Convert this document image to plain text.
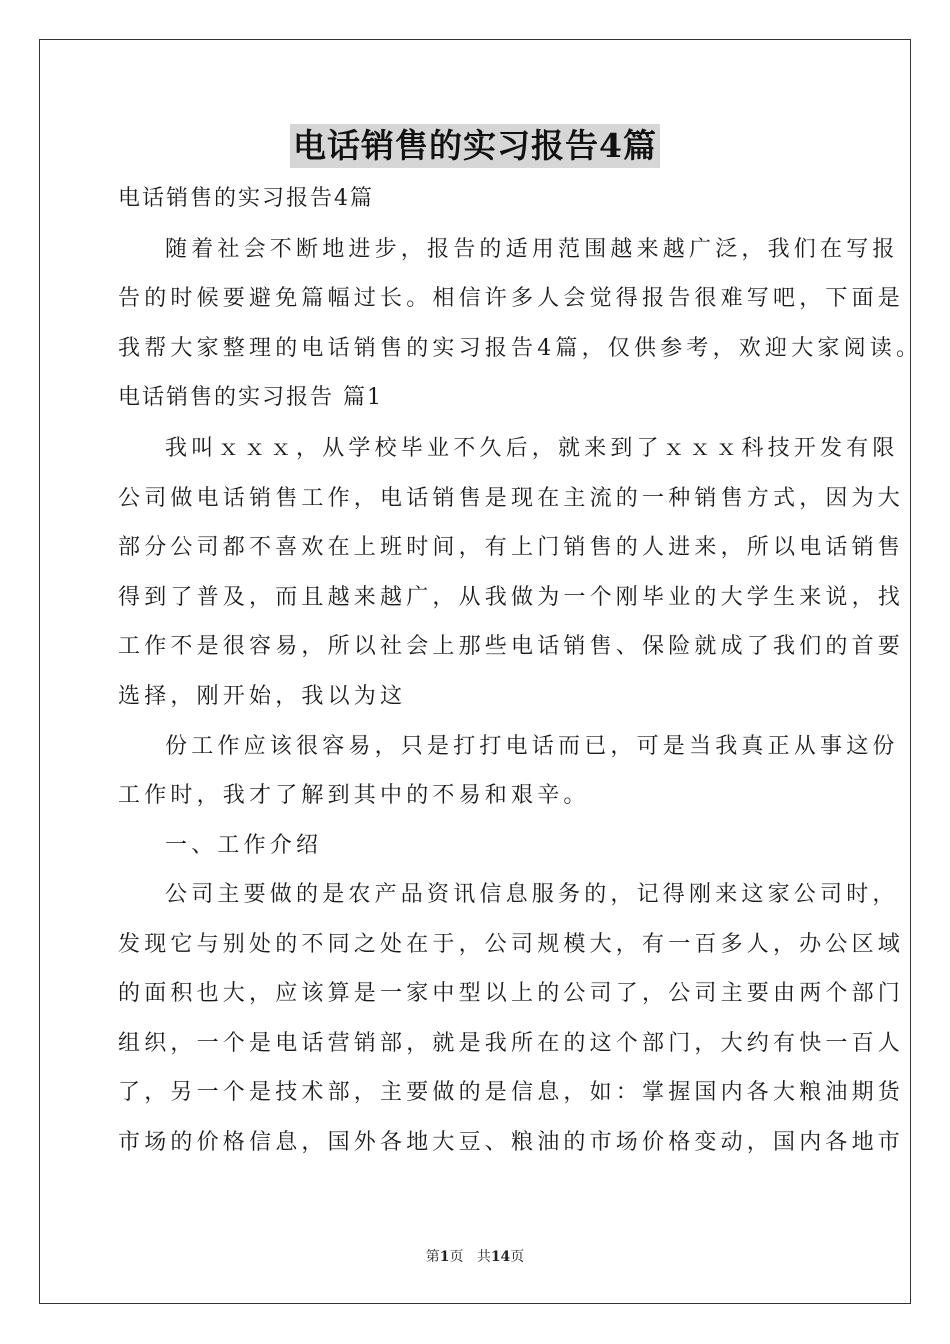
电话销售的实习报告4篇
电话销售的实习报告4篇
随着社会不断地进步，报告的适用范围越来越广泛，我们在写报
告的时候要避免篇幅过长。相信许多人会觉得报告很难写吧，下面是
我帮大家整理的电话销售的实习报告4篇，仅供参考，欢迎大家阅读。
电话销售的实习报告 篇1
我叫ｘｘｘ，从学校毕业不久后，就来到了ｘｘｘ科技开发有限
公司做电话销售工作，电话销售是现在主流的一种销售方式，因为大
部分公司都不喜欢在上班时间，有上门销售的人进来，所以电话销售
得到了普及，而且越来越广，从我做为一个刚毕业的大学生来说，找
工作不是很容易，所以社会上那些电话销售、保险就成了我们的首要
选择，刚开始，我以为这
份工作应该很容易，只是打打电话而已，可是当我真正从事这份
工作时，我才了解到其中的不易和艰辛。
一、工作介绍
公司主要做的是农产品资讯信息服务的，记得刚来这家公司时，
发现它与别处的不同之处在于，公司规模大，有一百多人，办公区域
的面积也大，应该算是一家中型以上的公司了，公司主要由两个部门
组织，一个是电话营销部，就是我所在的这个部门，大约有快一百人
了，另一个是技术部，主要做的是信息，如：掌握国内各大粮油期货
市场的价格信息，国外各地大豆、粮油的市场价格变动，国内各地市
第1页 共14页
